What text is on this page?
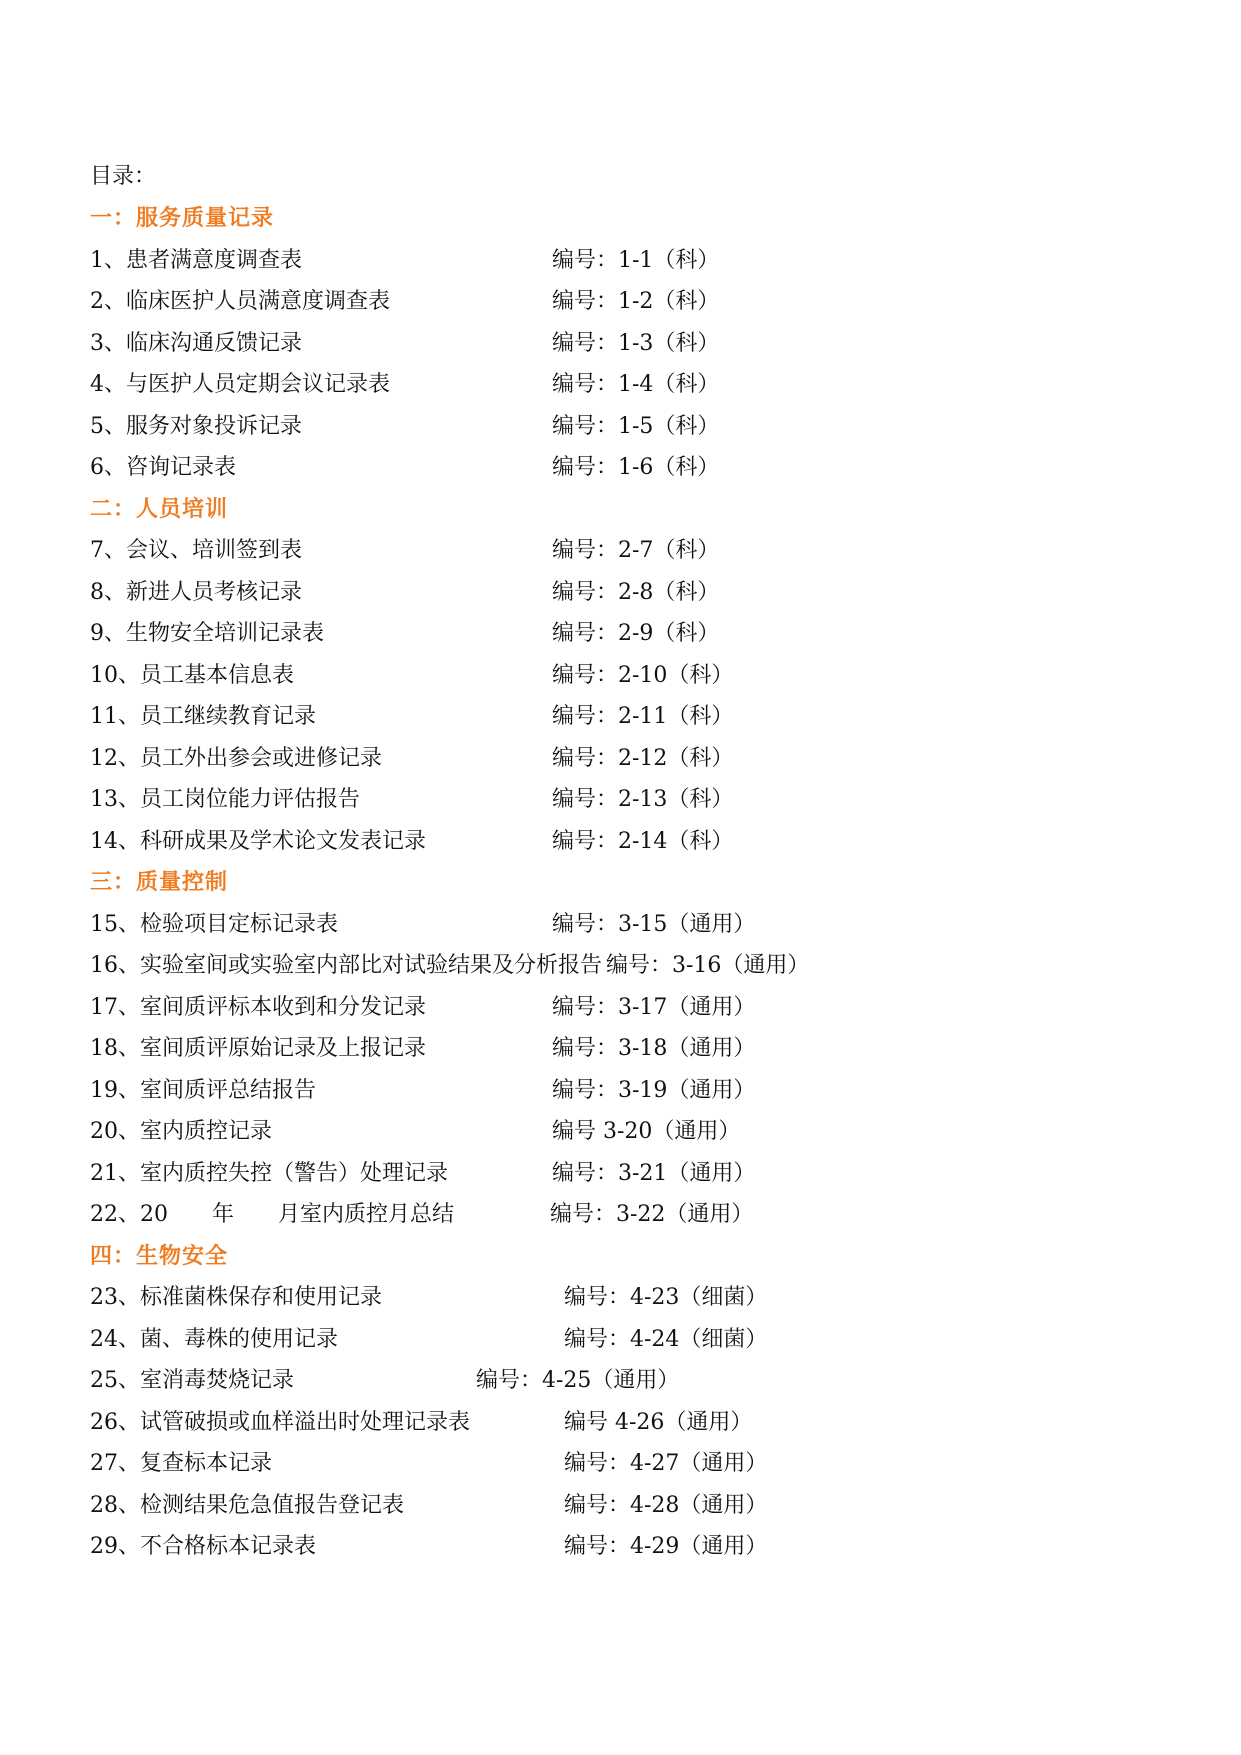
目录：
一：服务质量记录
1、患者满意度调查表	编号：1-1（科）
2、临床医护人员满意度调查表	编号：1-2（科）
3、临床沟通反馈记录	编号：1-3（科）
4、与医护人员定期会议记录表	编号：1-4（科）
5、服务对象投诉记录	编号：1-5（科）
6、咨询记录表	编号：1-6（科）
二：人员培训
7、会议、培训签到表	编号：2-7（科）
8、新进人员考核记录	编号：2-8（科）
9、生物安全培训记录表	编号：2-9（科）
10、员工基本信息表	编号：2-10（科）
11、员工继续教育记录	编号：2-11（科）
12、员工外出参会或进修记录	编号：2-12（科）
13、员工岗位能力评估报告	编号：2-13（科）
14、科研成果及学术论文发表记录	编号：2-14（科）
三：质量控制
15、检验项目定标记录表	编号：3-15（通用）
16、实验室间或实验室内部比对试验结果及分析报告 编号：3-16（通用）
17、室间质评标本收到和分发记录	编号：3-17（通用）
18、室间质评原始记录及上报记录	编号：3-18（通用）
19、室间质评总结报告	编号：3-19（通用）
20、室内质控记录	编号 3-20（通用）
21、室内质控失控（警告）处理记录	编号：3-21（通用）
22、20　　年　　月室内质控月总结	编号：3-22（通用）
四：生物安全
23、标准菌株保存和使用记录	编号：4-23（细菌）
24、菌、毒株的使用记录	编号：4-24（细菌）
25、室消毒焚烧记录	编号：4-25（通用）
26、试管破损或血样溢出时处理记录表	编号 4-26（通用）
27、复查标本记录	编号：4-27（通用）
28、检测结果危急值报告登记表	编号：4-28（通用）
29、不合格标本记录表	编号：4-29（通用）
